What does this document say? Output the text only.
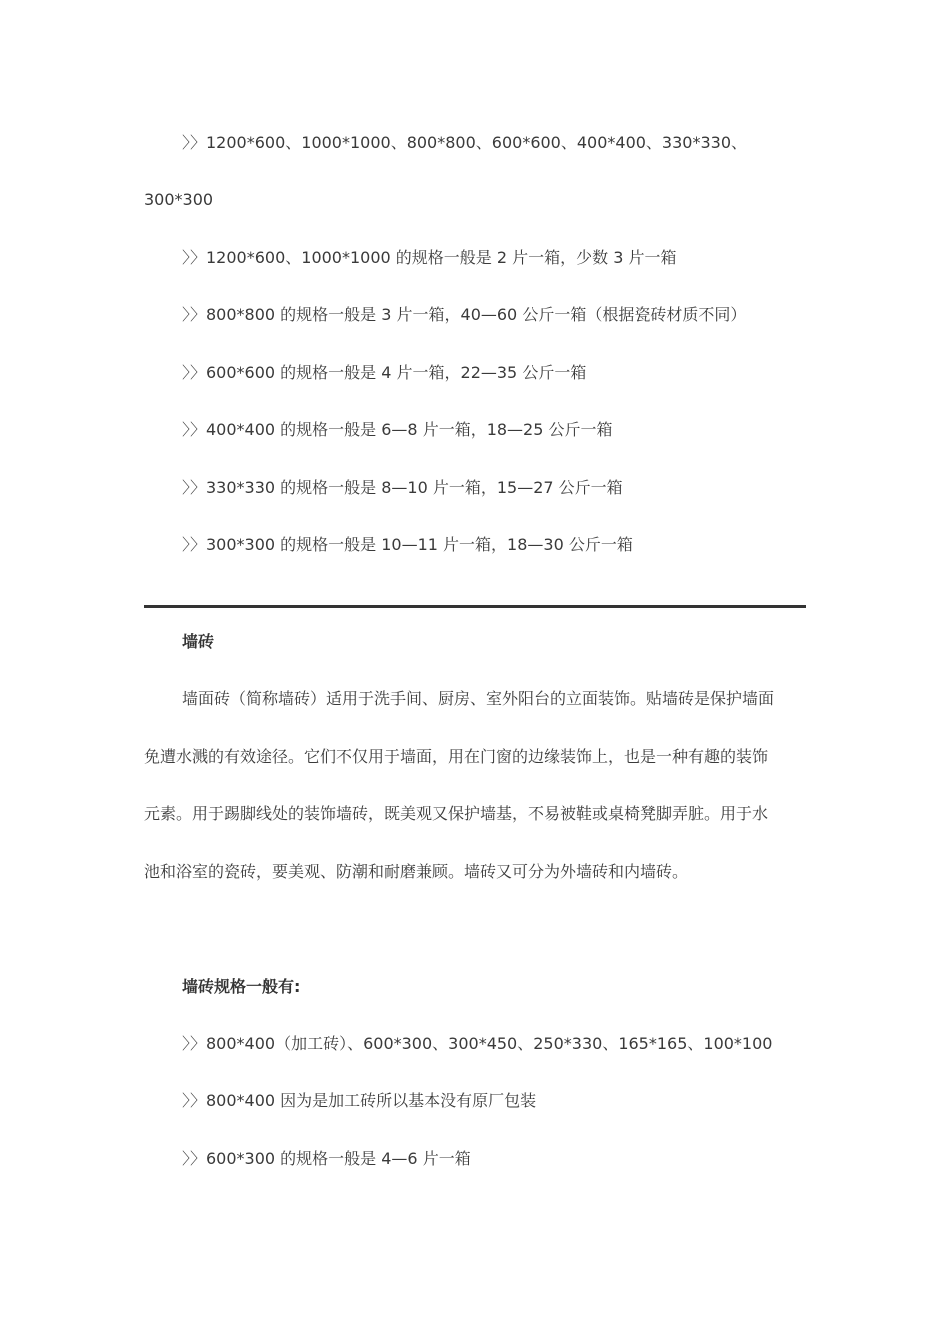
〉〉1200*600、1000*1000、800*800、600*600、400*400、330*330、
300*300
〉〉1200*600、1000*1000 的规格一般是 2 片一箱，少数 3 片一箱
〉〉800*800 的规格一般是 3 片一箱，40—60 公斤一箱（根据瓷砖材质不同）
〉〉600*600 的规格一般是 4 片一箱，22—35 公斤一箱
〉〉400*400 的规格一般是 6—8 片一箱，18—25 公斤一箱
〉〉330*330 的规格一般是 8—10 片一箱，15—27 公斤一箱
〉〉300*300 的规格一般是 10—11 片一箱，18—30 公斤一箱
墙砖
墙面砖（简称墙砖）适用于洗手间、厨房、室外阳台的立面装饰。贴墙砖是保护墙面
免遭水溅的有效途径。它们不仅用于墙面，用在门窗的边缘装饰上，也是一种有趣的装饰
元素。用于踢脚线处的装饰墙砖，既美观又保护墙基，不易被鞋或桌椅凳脚弄脏。用于水
池和浴室的瓷砖，要美观、防潮和耐磨兼顾。墙砖又可分为外墙砖和内墙砖。
墙砖规格一般有:
〉〉800*400（加工砖）、600*300、300*450、250*330、165*165、100*100
〉〉800*400 因为是加工砖所以基本没有原厂包装
〉〉600*300 的规格一般是 4—6 片一箱
